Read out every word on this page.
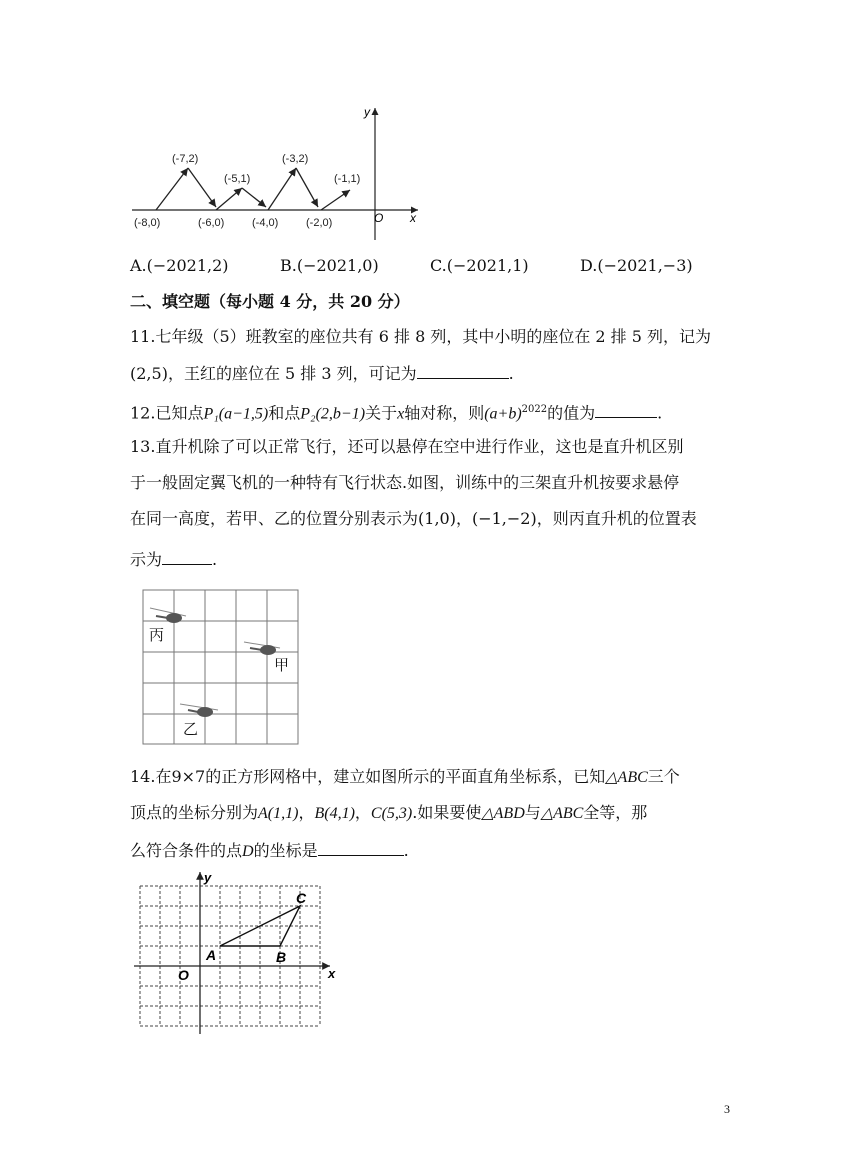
x
y
O
(-8,0)
(-7,2)
(-6,0)
(-5,1)
(-4,0)
(-3,2)
(-2,0)
(-1,1)
A.(−2021,2)	B.(−2021,0)	C.(−2021,1)	D.(−2021,−3)
二、填空题（每小题 4 分，共 20 分）
11.七年级（5）班教室的座位共有 6 排 8 列，其中小明的座位在 2 排 5 列，记为
(2,5)，王红的座位在 5 排 3 列，可记为	.
12.已知点P₁(a−1,5)和点P₂(2,b−1)关于x轴对称，则$(a+b)^{2022}$的值为	.
13.直升机除了可以正常飞行，还可以悬停在空中进行作业，这也是直升机区别
于一般固定翼飞机的一种特有飞行状态.如图，训练中的三架直升机按要求悬停
在同一高度，若甲、乙的位置分别表示为(1,0)，(−1,−2)，则丙直升机的位置表
示为	.
丙
甲
乙
14.在9×7的正方形网格中，建立如图所示的平面直角坐标系，已知△ABC三个
顶点的坐标分别为A(1,1)，B(4,1)，C(5,3).如果要使△ABD与△ABC全等，那
么符合条件的点D的坐标是	.
x
y
O
A	B
C
3
